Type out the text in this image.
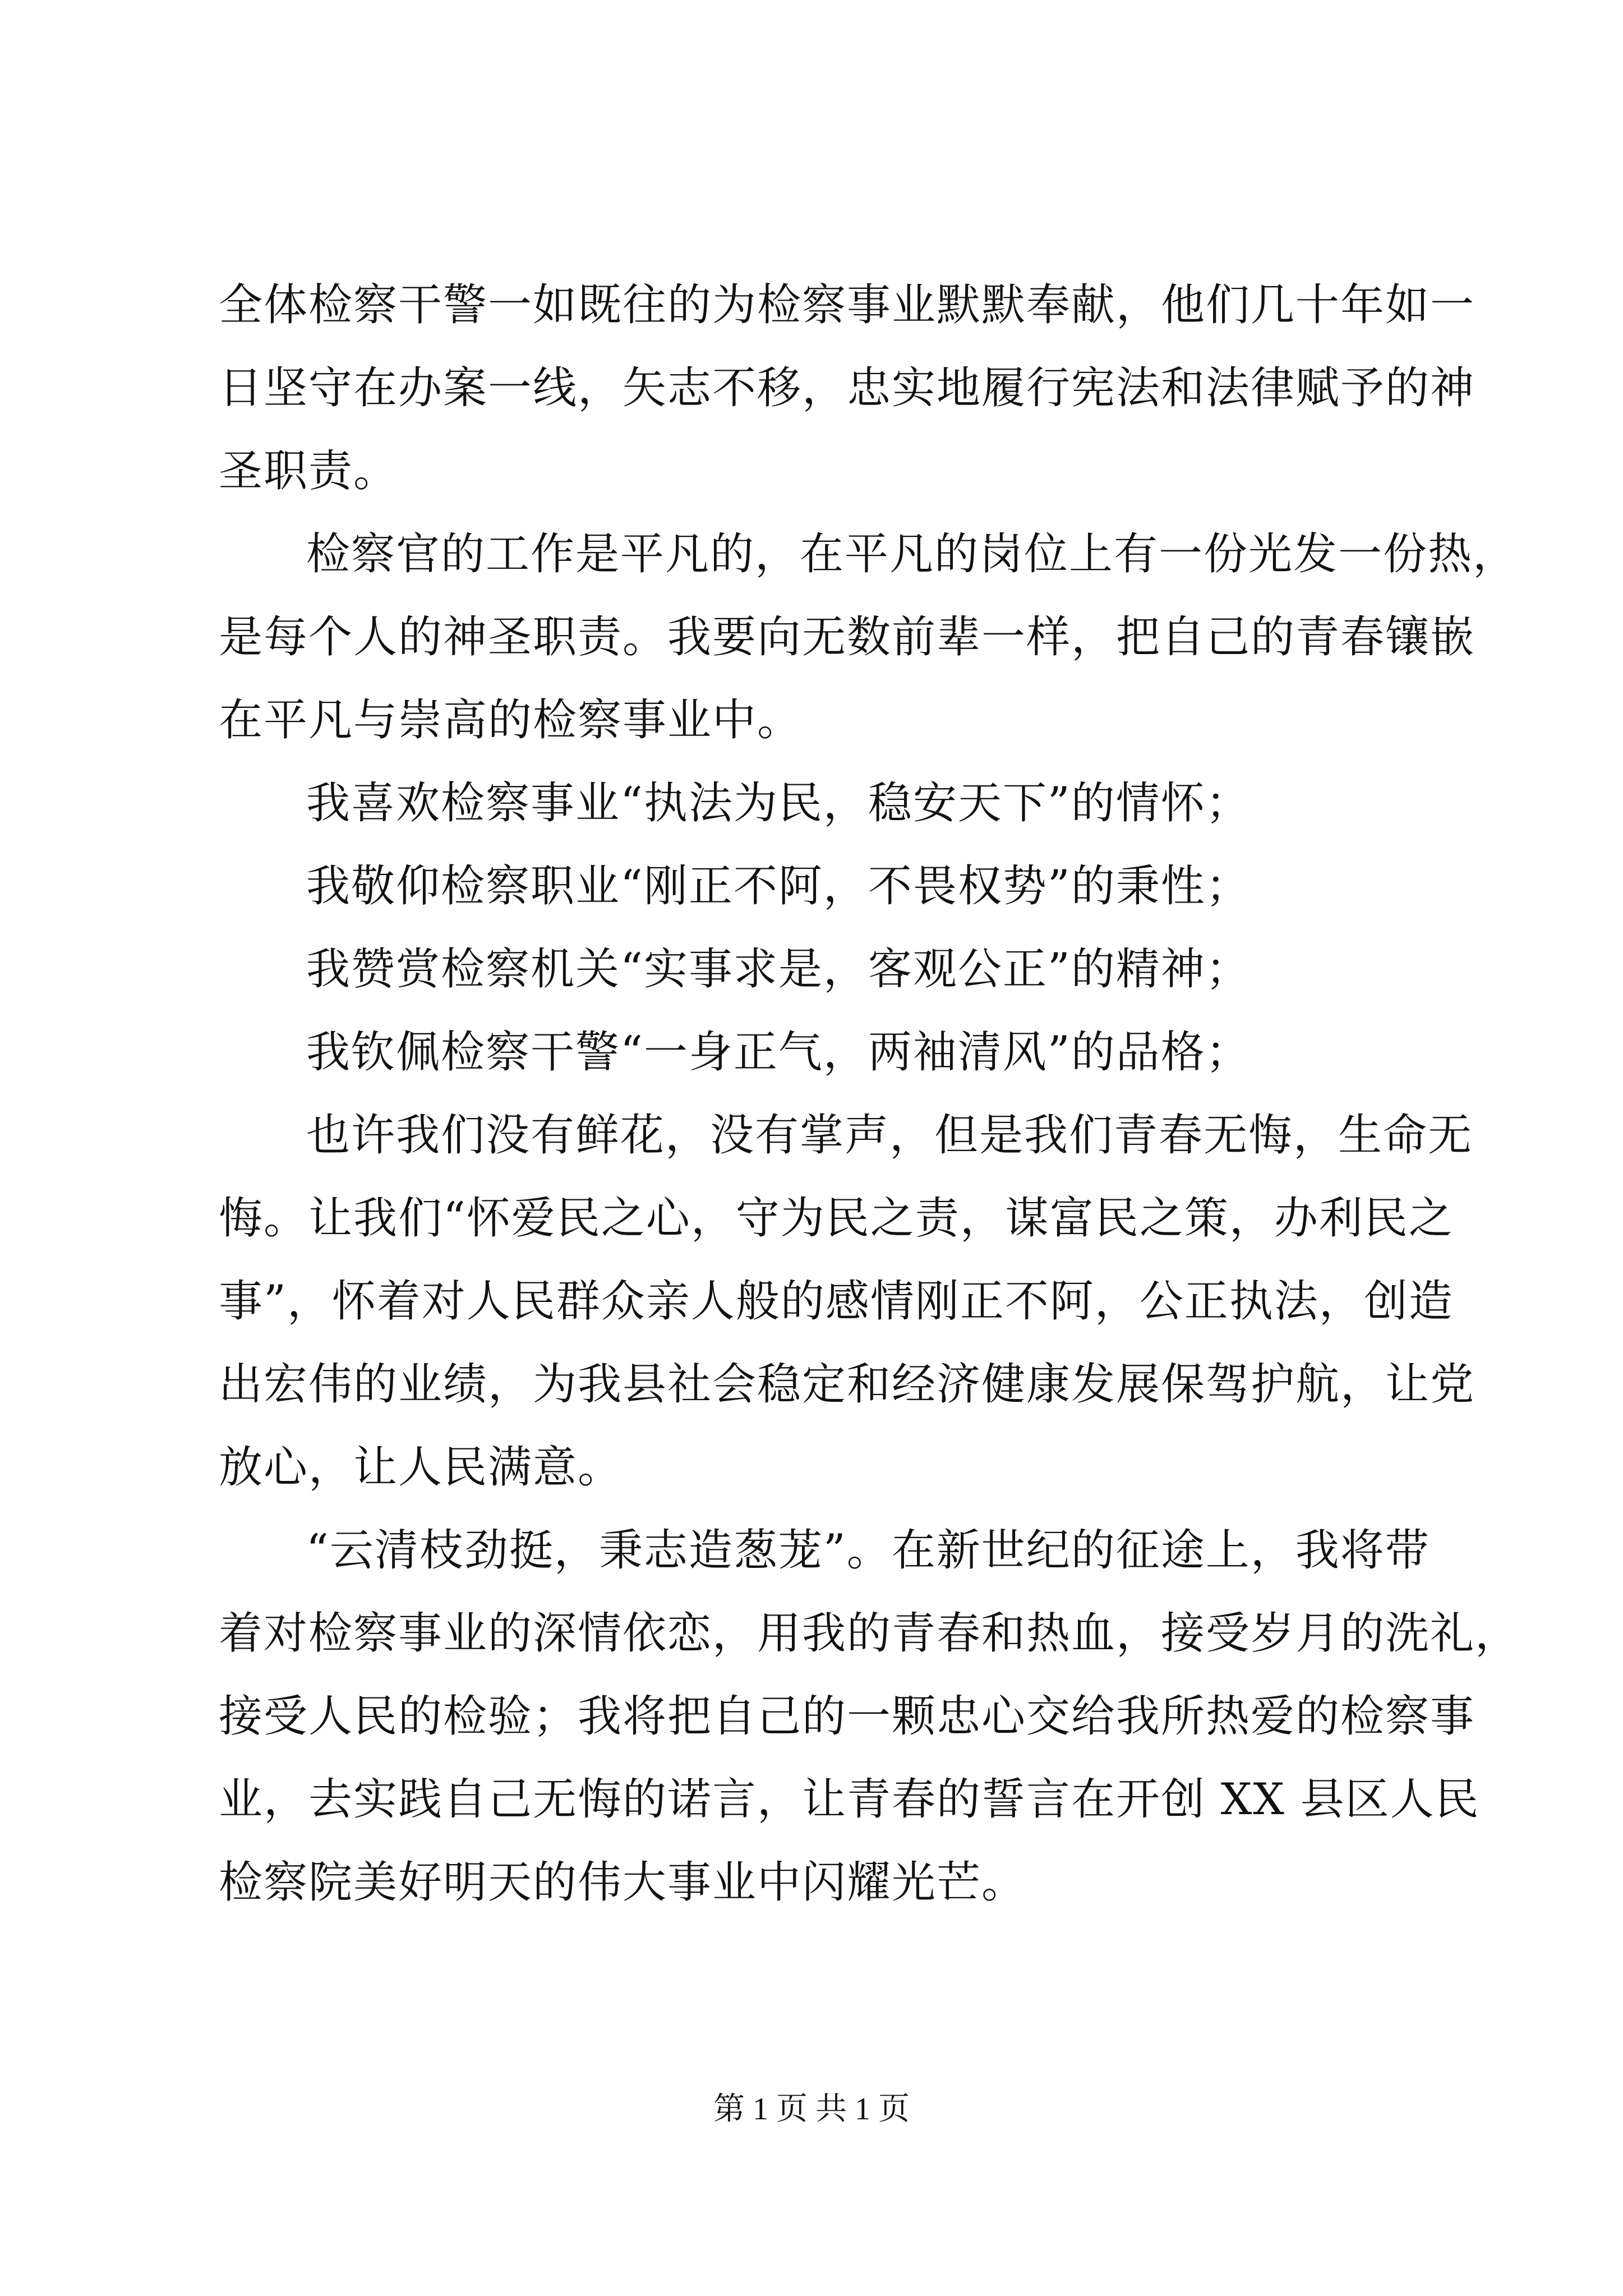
全体检察干警一如既往的为检察事业默默奉献，他们几十年如一
日坚守在办案一线，矢志不移，忠实地履行宪法和法律赋予的神
圣职责。

检察官的工作是平凡的，在平凡的岗位上有一份光发一份热，
是每个人的神圣职责。我要向无数前辈一样，把自己的青春镶嵌
在平凡与崇高的检察事业中。

我喜欢检察事业“执法为民，稳安天下”的情怀；

我敬仰检察职业“刚正不阿，不畏权势”的秉性；

我赞赏检察机关“实事求是，客观公正”的精神；

我钦佩检察干警“一身正气，两袖清风”的品格；

也许我们没有鲜花，没有掌声，但是我们青春无悔，生命无
悔。让我们“怀爱民之心，守为民之责，谋富民之策，办利民之
事”，怀着对人民群众亲人般的感情刚正不阿，公正执法，创造
出宏伟的业绩，为我县社会稳定和经济健康发展保驾护航，让党
放心，让人民满意。

“云清枝劲挺，秉志造葱茏”。在新世纪的征途上，我将带
着对检察事业的深情依恋，用我的青春和热血，接受岁月的洗礼，
接受人民的检验；我将把自己的一颗忠心交给我所热爱的检察事
业，去实践自己无悔的诺言，让青春的誓言在开创 XX 县区人民
检察院美好明天的伟大事业中闪耀光芒。

第 1 页 共 1 页
